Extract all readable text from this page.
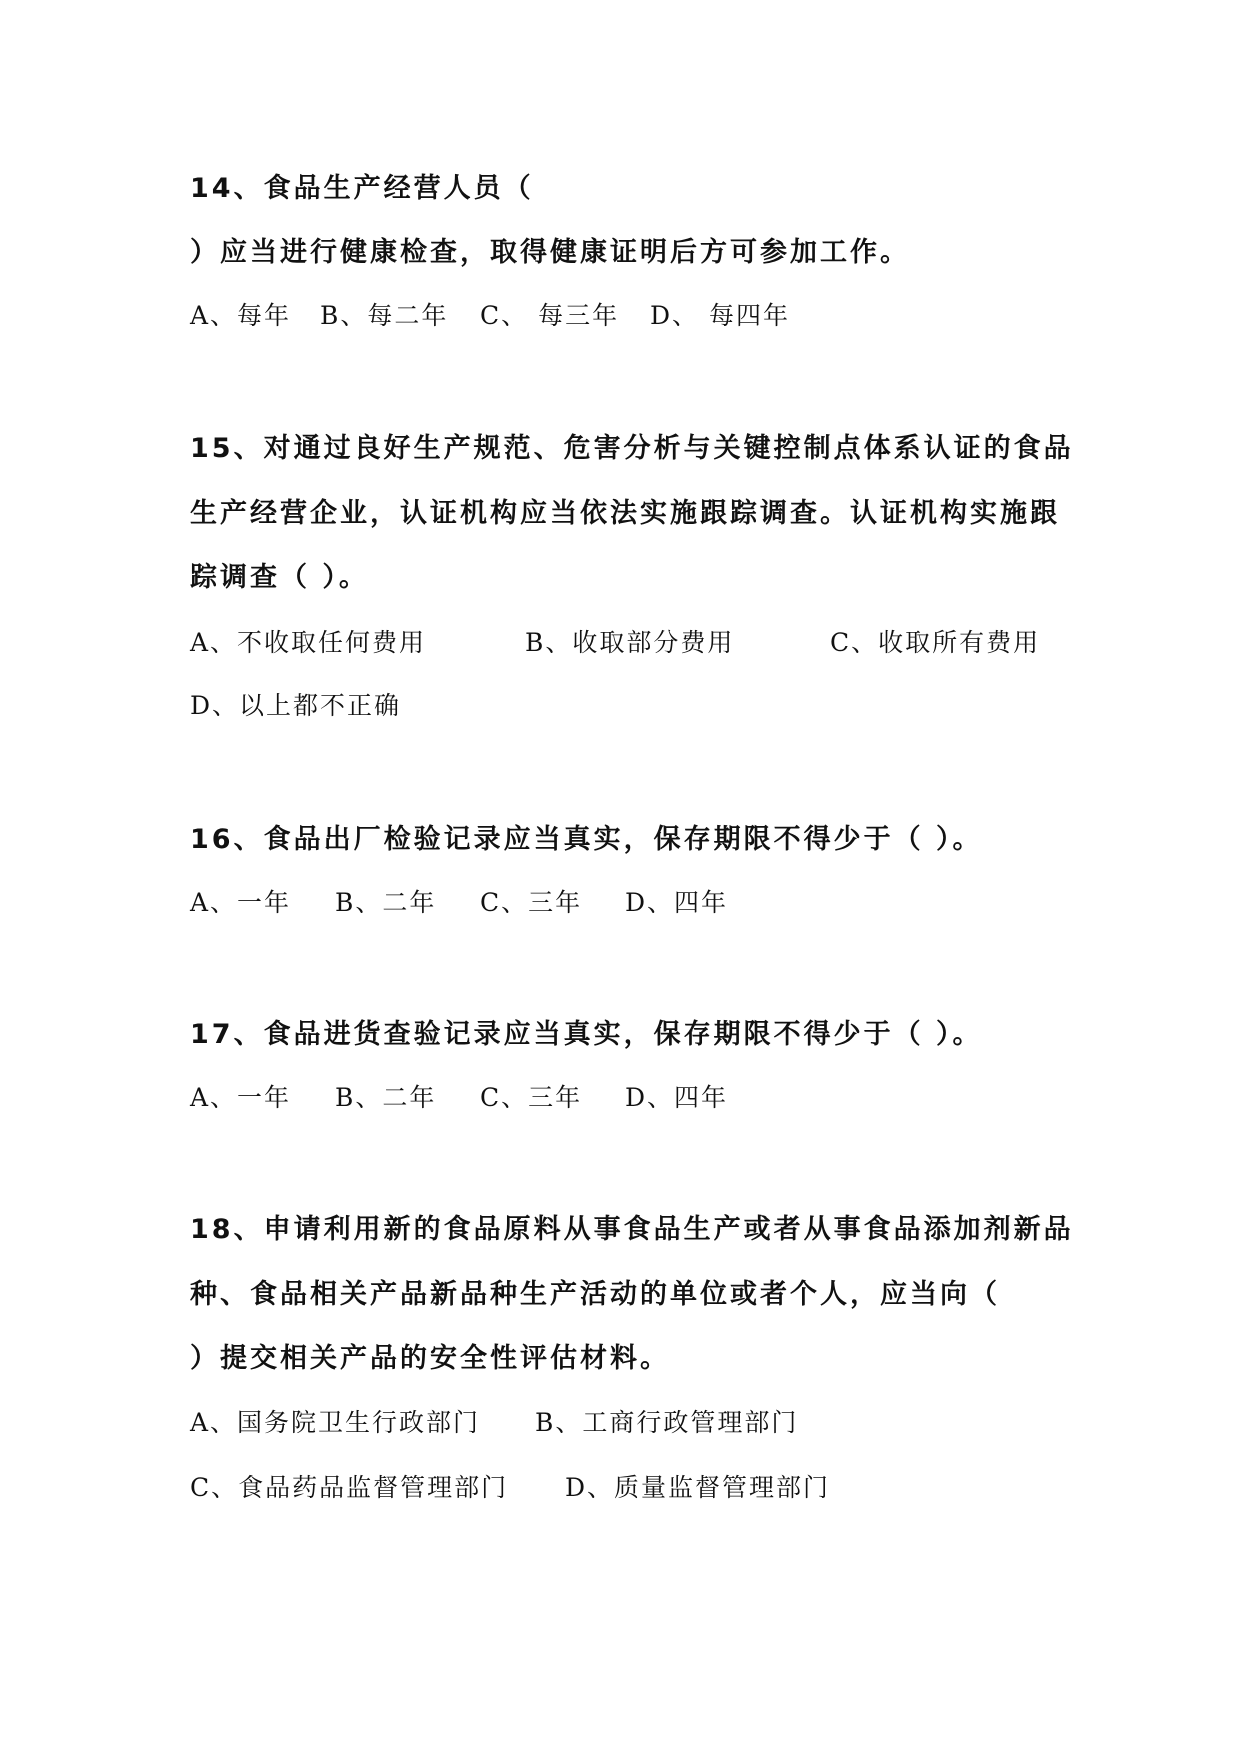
14、食品生产经营人员（
）应当进行健康检查，取得健康证明后方可参加工作。
A、每年 B、每二年 C、 每三年 D、 每四年
15、对通过良好生产规范、危害分析与关键控制点体系认证的食品
生产经营企业，认证机构应当依法实施跟踪调查。认证机构实施跟
踪调查（ ）。
A、不收取任何费用	B、收取部分费用	C、收取所有费用
D、以上都不正确
16、食品出厂检验记录应当真实，保存期限不得少于（ ）。
A、一年 B、二年 C、三年 D、四年
17、食品进货查验记录应当真实，保存期限不得少于（ ）。
A、一年 B、二年 C、三年 D、四年
18、申请利用新的食品原料从事食品生产或者从事食品添加剂新品
种、食品相关产品新品种生产活动的单位或者个人，应当向（
）提交相关产品的安全性评估材料。
A、国务院卫生行政部门 B、工商行政管理部门
C、食品药品监督管理部门 D、质量监督管理部门
